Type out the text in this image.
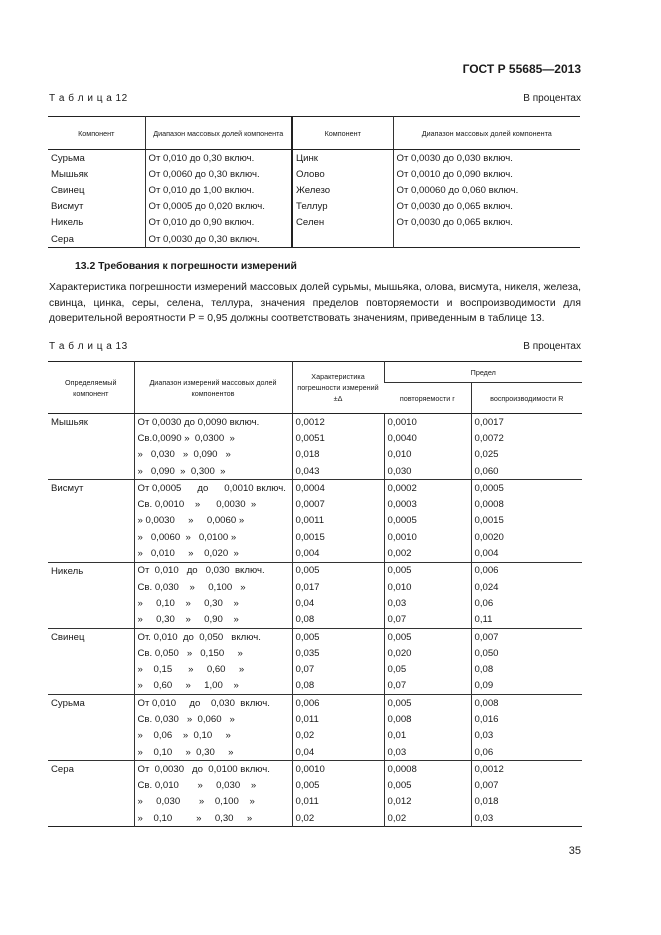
ГОСТ Р 55685—2013
Т а б л и ц а 12	В процентах
Компонент	Диапазон массовых долей компонента	Компонент	Диапазон массовых долей компонента
Сурьма	От 0,010 до 0,30 включ.	Цинк	От 0,0030 до 0,030 включ.
Мышьяк	От 0,0060 до 0,30 включ.	Олово	От 0,0010 до 0,090 включ.
Свинец	От 0,010 до 1,00 включ.	Железо	От 0,00060 до 0,060 включ.
Висмут	От 0,0005 до 0,020 включ.	Теллур	От 0,0030 до 0,065 включ.
Никель	От 0,010 до 0,90 включ.	Селен	От 0,0030 до 0,065 включ.
Сера	От 0,0030 до 0,30 включ.		
13.2 Требования к погрешности измерений
Характеристика погрешности измерений массовых долей сурьмы, мышьяка, олова, висмута, никеля, железа, свинца, цинка, серы, селена, теллура, значения пределов повторяемости и воспроизводимости для доверительной вероятности P = 0,95 должны соответствовать значениям, приведенным в таблице 13.
Т а б л и ц а 13	В процентах
Определяемый компонент	Диапазон измерений массовых долей компонентов	Характеристика погрешности измерений ±Δ	Предел	
			повторяемости r	воспроизводимости R
Мышьяк	От 0,0030 до 0,0090 включ.	0,0012	0,0010	0,0017
	Св.0,0090 »  0,0300  »	0,0051	0,0040	0,0072
	»   0,030   »  0,090   »	0,018	0,010	0,025
	»   0,090  »  0,300  »	0,043	0,030	0,060
Висмут	От 0,0005      до      0,0010 включ.	0,0004	0,0002	0,0005
	Св. 0,0010    »      0,0030  »	0,0007	0,0003	0,0008
	» 0,0030     »     0,0060 »	0,0011	0,0005	0,0015
	»   0,0060  »   0,0100 »	0,0015	0,0010	0,0020
	»   0,010     »    0,020  »	0,004	0,002	0,004
Никель	От  0,010   до   0,030  включ.	0,005	0,005	0,006
	Св. 0,030    »     0,100   »	0,017	0,010	0,024
	»     0,10    »     0,30    »	0,04	0,03	0,06
	»     0,30    »     0,90    »	0,08	0,07	0,11
Свинец	От. 0,010  до  0,050   включ.	0,005	0,005	0,007
	Св. 0,050   »   0,150     »	0,035	0,020	0,050
	»    0,15      »     0,60     »	0,07	0,05	0,08
	»    0,60     »     1,00    »	0,08	0,07	0,09
Сурьма	От 0,010     до    0,030  включ.	0,006	0,005	0,008
	Св. 0,030   »  0,060   »	0,011	0,008	0,016
	»    0,06    »  0,10     »	0,02	0,01	0,03
	»    0,10     »  0,30     »	0,04	0,03	0,06
Сера	От  0,0030   до  0,0100 включ.	0,0010	0,0008	0,0012
	Св. 0,010       »     0,030    »	0,005	0,005	0,007
	»     0,030       »    0,100    »	0,011	0,012	0,018
	»    0,10         »     0,30     »	0,02	0,02	0,03
35
